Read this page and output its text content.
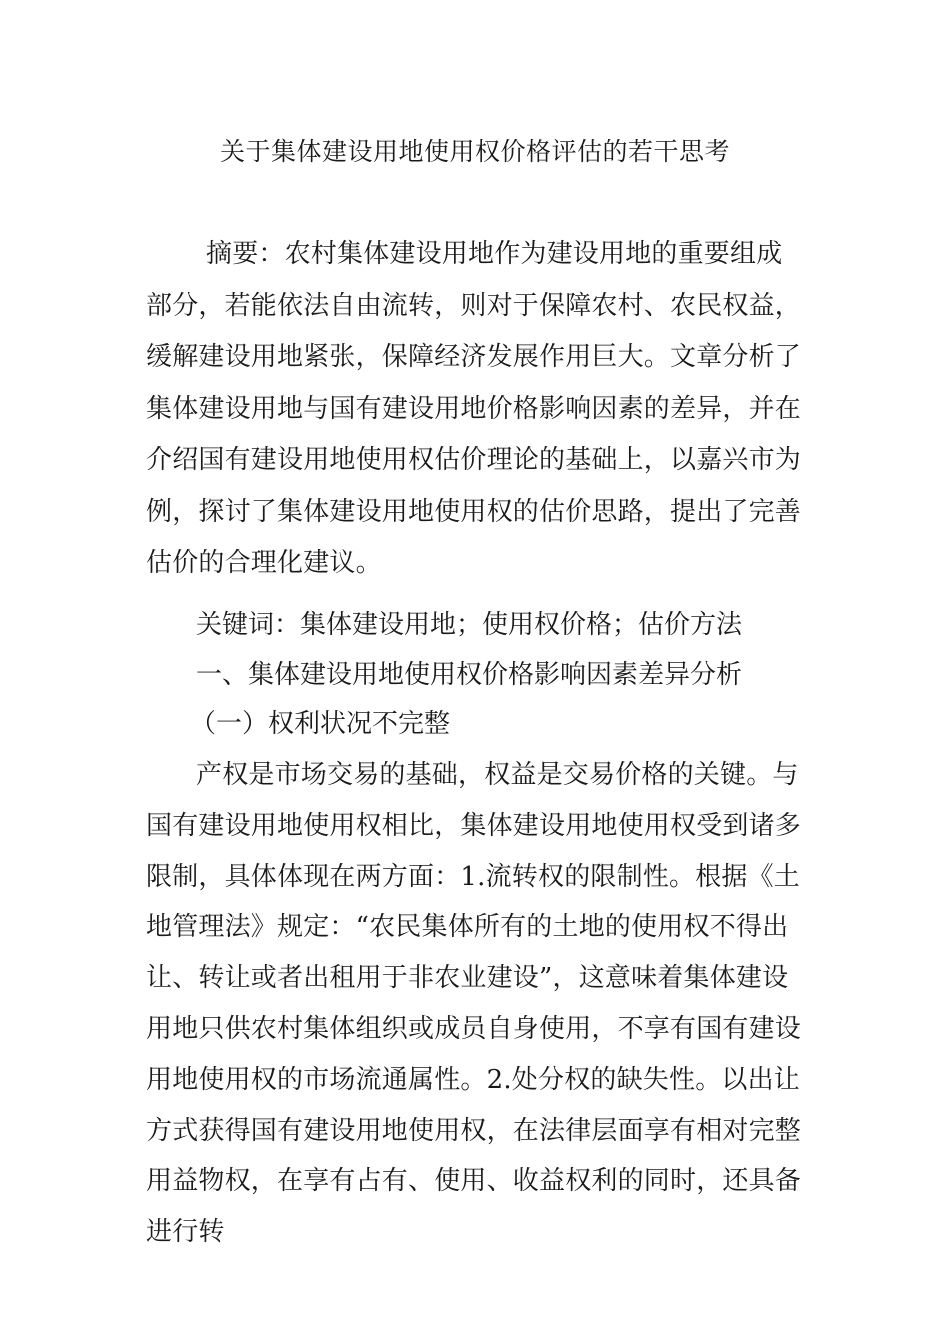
关于集体建设用地使用权价格评估的若干思考
摘要：农村集体建设用地作为建设用地的重要组成部分，若能依法自由流转，则对于保障农村、农民权益，缓解建设用地紧张，保障经济发展作用巨大。文章分析了集体建设用地与国有建设用地价格影响因素的差异，并在介绍国有建设用地使用权估价理论的基础上，以嘉兴市为例，探讨了集体建设用地使用权的估价思路，提出了完善估价的合理化建议。
关键词：集体建设用地；使用权价格；估价方法
一、集体建设用地使用权价格影响因素差异分析
（一）权利状况不完整
产权是市场交易的基础，权益是交易价格的关键。与国有建设用地使用权相比，集体建设用地使用权受到诸多限制，具体体现在两方面：1.流转权的限制性。根据《土地管理法》规定：“农民集体所有的土地的使用权不得出让、转让或者出租用于非农业建设”，这意味着集体建设用地只供农村集体组织或成员自身使用，不享有国有建设用地使用权的市场流通属性。2.处分权的缺失性。以出让方式获得国有建设用地使用权，在法律层面享有相对完整用益物权，在享有占有、使用、收益权利的同时，还具备进行转
